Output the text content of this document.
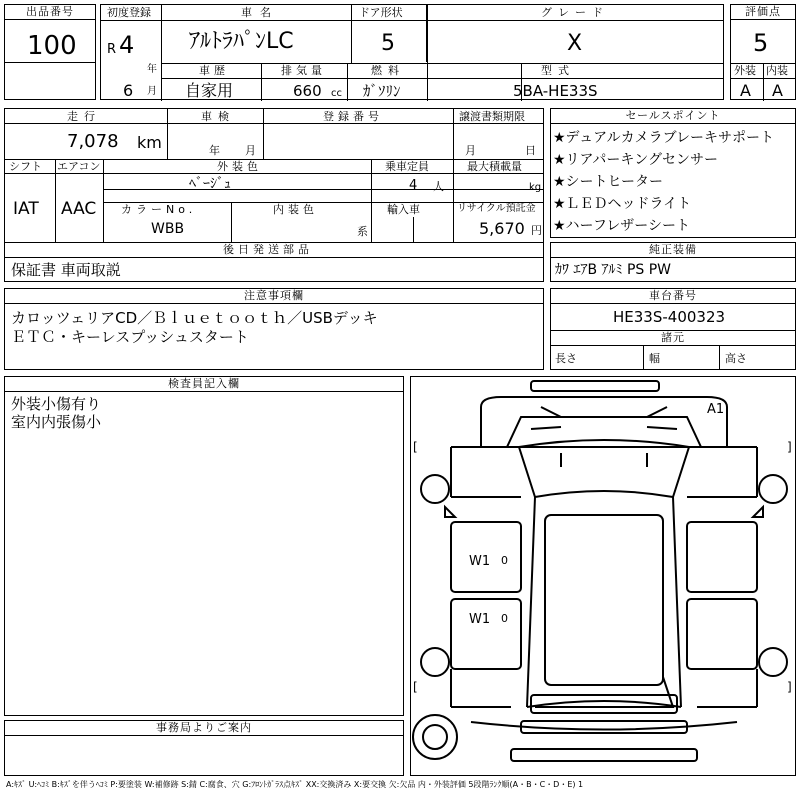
出品番号
100
初度登録
R 4
年
6 月
車名
ｱﾙﾄﾗﾊﾟﾝLC
ドア形状
5
グレード
X
車歴
自家用
排気量
660 cc
燃料
ｶﾞｿﾘﾝ
型式
5BA-HE33S
評価点
5
外装 内装
A A
走行
7,078 km
車検
年 月
登録番号	譲渡書類期限
月	日
シフト
IAT
エアコン
AAC
外装色
ﾍﾞｰｼﾞｭ
乗車定員
4 人
最大積載量
kg
カラーNo.
WBB
内装色
系
輸入車	リサイクル預託金
5,670 円
後日発送部品
保証書 車両取説
セールスポイント
★デュアルカメラブレーキサポート
★リアパーキングセンサー
★シートヒーター
★ＬＥＤヘッドライト
★ハーフレザーシート
純正装備
ｶﾜ ｴｱB ｱﾙﾐ PS PW
注意事項欄
カロッツェリアCD／Ｂｌｕｅｔｏｏｔｈ／USBデッキ
ＥＴＣ・キーレスプッシュスタート
車台番号
HE33S-400323
諸元
長さ	幅	高さ
検査員記入欄
外装小傷有り
室内内張傷小
事務局よりご案内
A1
W1 0
W1 0
[	]
[	]
A:ｷｽﾞ U:ﾍｺﾐ B:ｷｽﾞを伴うﾍｺﾐ P:要塗装 W:補修跡 S:錆 C:腐食、穴 G:ﾌﾛﾝﾄｶﾞﾗｽ点ｷｽﾞ XX:交換済み X:要交換 欠:欠品 内・外装評価 5段階ﾗﾝｸ順(A・B・C・D・E) 1
